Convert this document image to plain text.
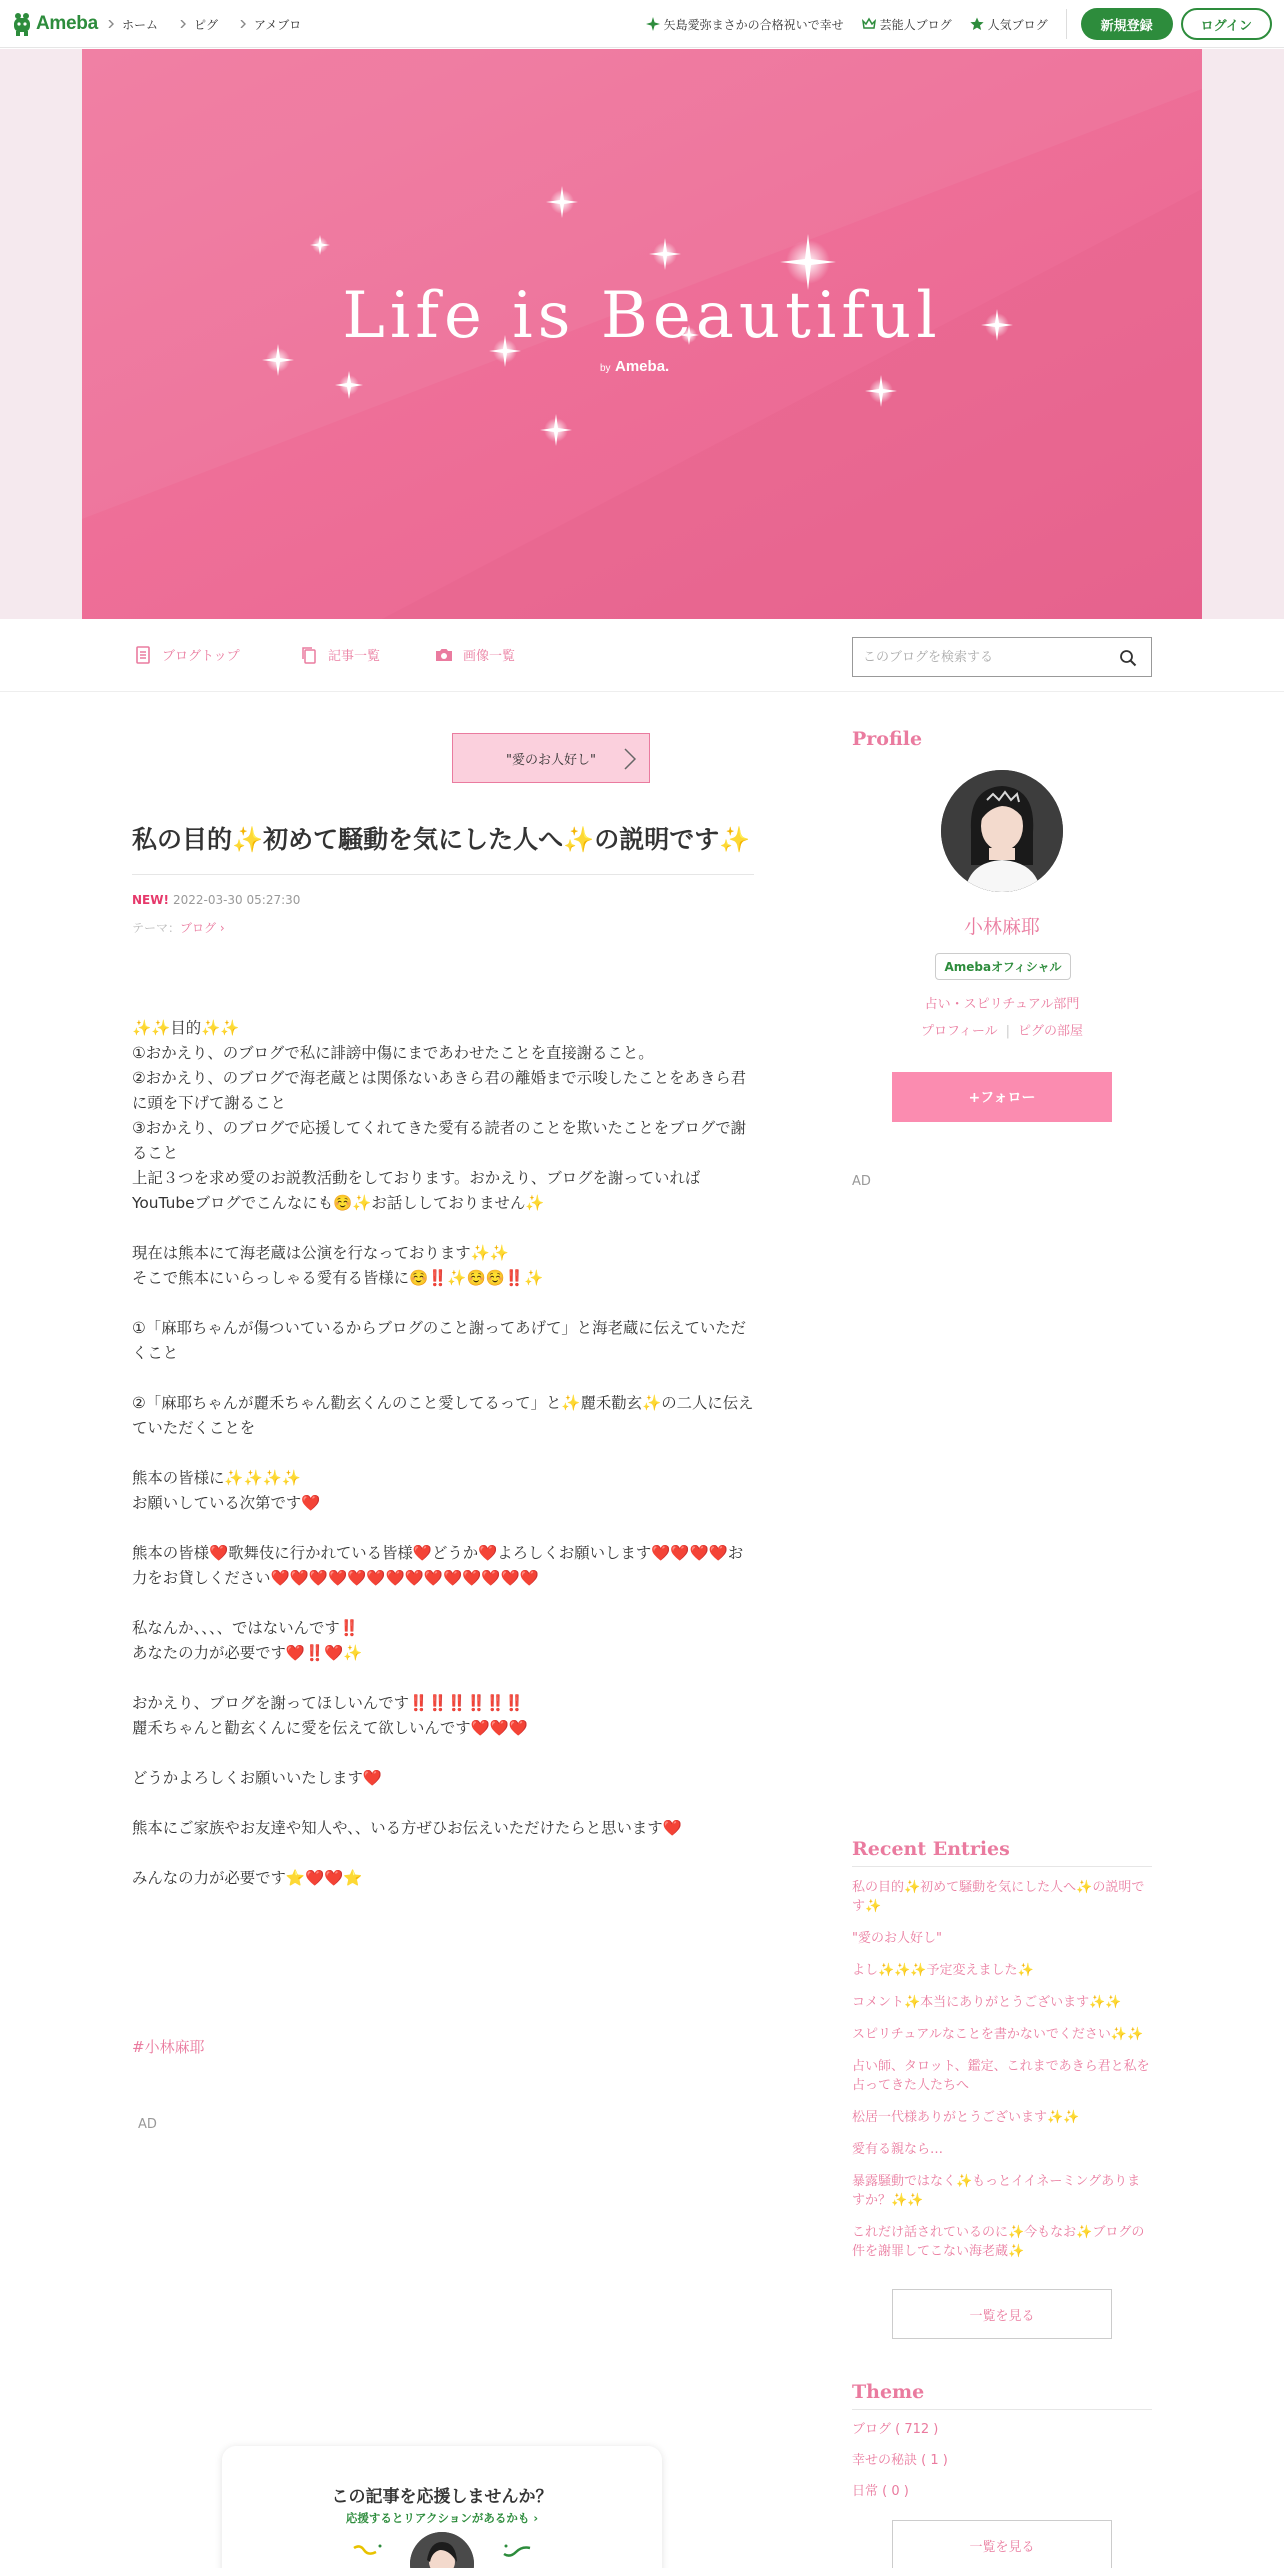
Ameba ホーム	ピグ	アメブロ	矢島愛弥まさかの合格祝いで幸せ	芸能人ブログ	人気ブログ	新規登録	ログイン
Life is Beautiful
by Ameba.
ブログトップ	記事一覧	画像一覧
このブログを検索する
"愛のお人好し"
私の目的✨初めて騒動を気にした人へ✨の説明です✨
NEW! 2022-03-30 05:27:30
テーマ：ブログ ›

✨✨目的✨✨

①おかえり、のブログで私に誹謗中傷にまであわせたことを直接謝ること。

②おかえり、のブログで海老蔵とは関係ないあきら君の離婚まで示唆したことをあきら君に頭を下げて謝ること

③おかえり、のブログで応援してくれてきた愛有る読者のことを欺いたことをブログで謝ること

上記３つを求め愛のお説教活動をしております。おかえり、ブログを謝っていればYouTubeブログでこんなにも☺️✨お話ししておりません✨

現在は熊本にて海老蔵は公演を行なっております✨✨

そこで熊本にいらっしゃる愛有る皆様に☺️‼️✨☺️☺️‼️✨

①「麻耶ちゃんが傷ついているからブログのこと謝ってあげて」と海老蔵に伝えていただくこと

②「麻耶ちゃんが麗禾ちゃん勸玄くんのこと愛してるって」と✨麗禾勸玄✨の二人に伝えていただくことを

熊本の皆様に✨✨✨✨

お願いしている次第です❤️

熊本の皆様❤️歌舞伎に行かれている皆様❤️どうか❤️よろしくお願いします❤️❤️❤️❤️お力をお貸しください❤️❤️❤️❤️❤️❤️❤️❤️❤️❤️❤️❤️❤️❤️

私なんか、、、、ではないんです‼️

あなたの力が必要です❤️‼️❤️✨

おかえり、ブログを謝ってほしいんです‼️‼️‼️‼️‼️‼️

麗禾ちゃんと勸玄くんに愛を伝えて欲しいんです❤️❤️❤️

どうかよろしくお願いいたします❤️

熊本にご家族やお友達や知人や、、いる方ぜひお伝えいただけたらと思います❤️

みんなの力が必要です⭐️❤️❤️⭐️

#小林麻耶
AD
この記事を応援しませんか？
応援するとリアクションがあるかも ›
Profile
小林麻耶
Amebaオフィシャル
占い・スピリチュアル部門
プロフィール | ピグの部屋
+フォロー
AD
Recent Entries
私の目的✨初めて騒動を気にした人へ✨の説明です✨
"愛のお人好し"
よし✨✨✨予定変えました✨
コメント✨本当にありがとうございます✨✨
スピリチュアルなことを書かないでください✨✨
占い師、タロット、鑑定、これまであきら君と私を占ってきた人たちへ
松居一代様ありがとうございます✨✨
愛有る親なら…
暴露騒動ではなく✨もっとイイネーミングありますか？✨✨
これだけ話されているのに✨今もなお✨ブログの件を謝罪してこない海老蔵✨
一覧を見る
Theme
ブログ ( 712 )
幸せの秘訣 ( 1 )
日常 ( 0 )
一覧を見る
